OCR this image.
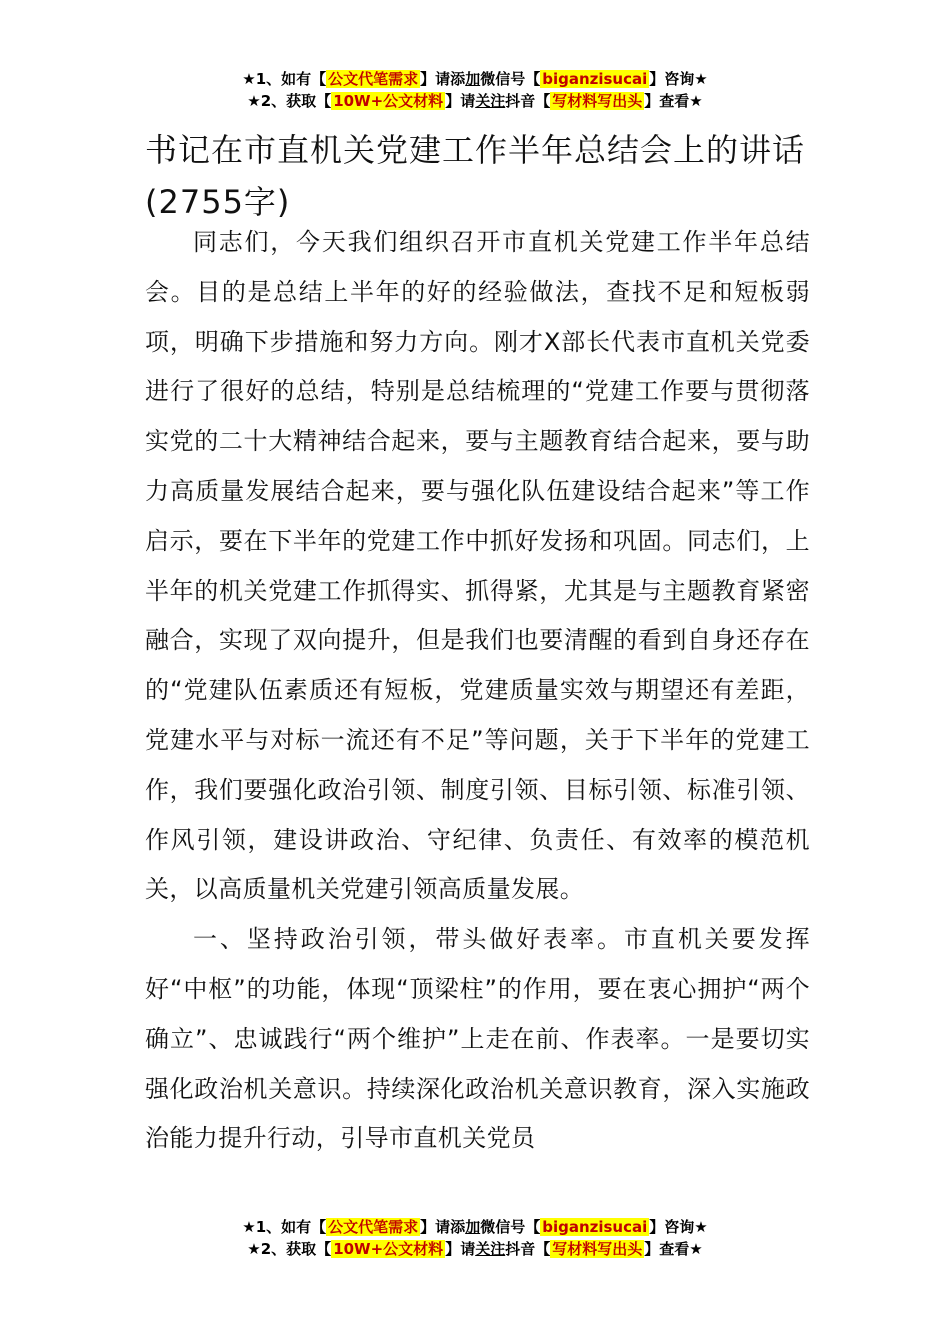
★1、如有【 公文代笔需求 】请添加微信号【 biganzisucai 】咨询★
★2、获取【 10W+公文材料 】请关注抖音【 写材料写出头 】查看★
书记在市直机关党建工作半年总结会上的讲话(2755字)

同志们，今天我们组织召开市直机关党建工作半年总结会。目的是总结上半年的好的经验做法，查找不足和短板弱项，明确下步措施和努力方向。刚才X部长代表市直机关党委进行了很好的总结，特别是总结梳理的“党建工作要与贯彻落实党的二十大精神结合起来，要与主题教育结合起来，要与助力高质量发展结合起来，要与强化队伍建设结合起来”等工作启示，要在下半年的党建工作中抓好发扬和巩固。同志们，上半年的机关党建工作抓得实、抓得紧，尤其是与主题教育紧密融合，实现了双向提升，但是我们也要清醒的看到自身还存在的“党建队伍素质还有短板，党建质量实效与期望还有差距，党建水平与对标一流还有不足”等问题，关于下半年的党建工作，我们要强化政治引领、制度引领、目标引领、标准引领、作风引领，建设讲政治、守纪律、负责任、有效率的模范机关，以高质量机关党建引领高质量发展。

一、坚持政治引领，带头做好表率。市直机关要发挥好“中枢”的功能，体现“顶梁柱”的作用，要在衷心拥护“两个确立”、忠诚践行“两个维护”上走在前、作表率。一是要切实强化政治机关意识。持续深化政治机关意识教育，深入实施政治能力提升行动，引导市直机关党员

★1、如有【 公文代笔需求 】请添加微信号【 biganzisucai 】咨询★
★2、获取【 10W+公文材料 】请关注抖音【 写材料写出头 】查看★
